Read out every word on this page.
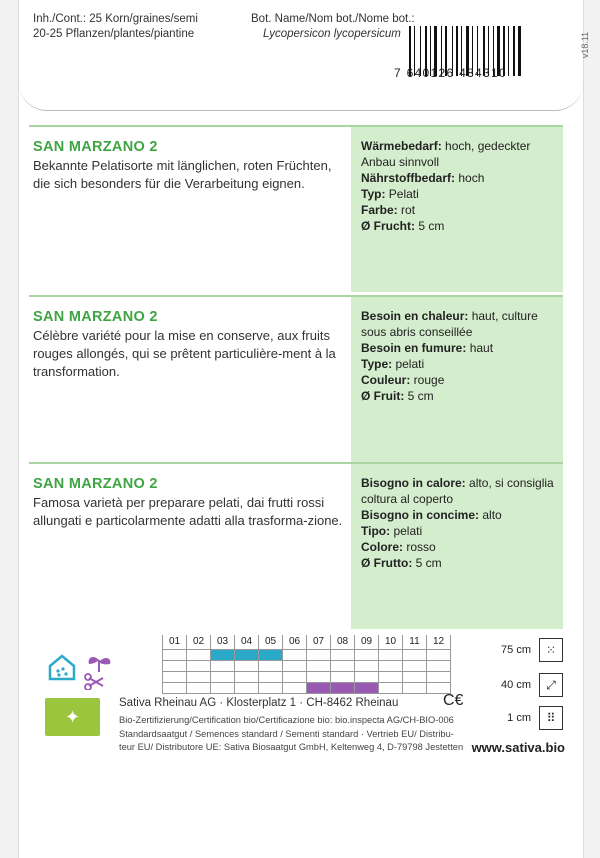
Inh./Cont.: 25 Korn/graines/semi
20-25 Pflanzen/plantes/piantine
Bot. Name/Nom bot./Nome bot.:
Lycopersicon lycopersicum
7 640126 484310
v18.11
SAN MARZANO 2
Bekannte Pelatisorte mit länglichen, roten Früchten, die sich besonders für die Verarbeitung eignen.
Wärmebedarf: hoch, gedeckter Anbau sinnvoll
Nährstoffbedarf: hoch
Typ: Pelati
Farbe: rot
Ø Frucht: 5 cm
SAN MARZANO 2
Célèbre variété pour la mise en conserve, aux fruits rouges allongés, qui se prêtent particulière-ment à la transformation.
Besoin en chaleur: haut, culture sous abris conseillée
Besoin en fumure: haut
Type: pelati
Couleur: rouge
Ø Fruit: 5 cm
SAN MARZANO 2
Famosa varietà per preparare pelati, dai frutti rossi allungati e particolarmente adatti alla trasforma-zione.
Bisogno in calore: alto, si consiglia coltura al coperto
Bisogno in concime: alto
Tipo: pelati
Colore: rosso
Ø Frutto: 5 cm
01	02	03	04	05	06	07	08	09	10	11	12

75 cm	⁙
40 cm	⤢
1 cm	⠿
✦
Sativa Rheinau AG · Klosterplatz 1 · CH-8462 Rheinau	C€
Bio-Zertifizierung/Certification bio/Certificazione bio: bio.inspecta AG/CH-BIO-006
Standardsaatgut / Semences standard / Sementi standard · Vertrieb EU/ Distribu-
teur EU/ Distributore UE: Sativa Biosaatgut GmbH, Keltenweg 4, D-79798 Jestetten www.sativa.bio
